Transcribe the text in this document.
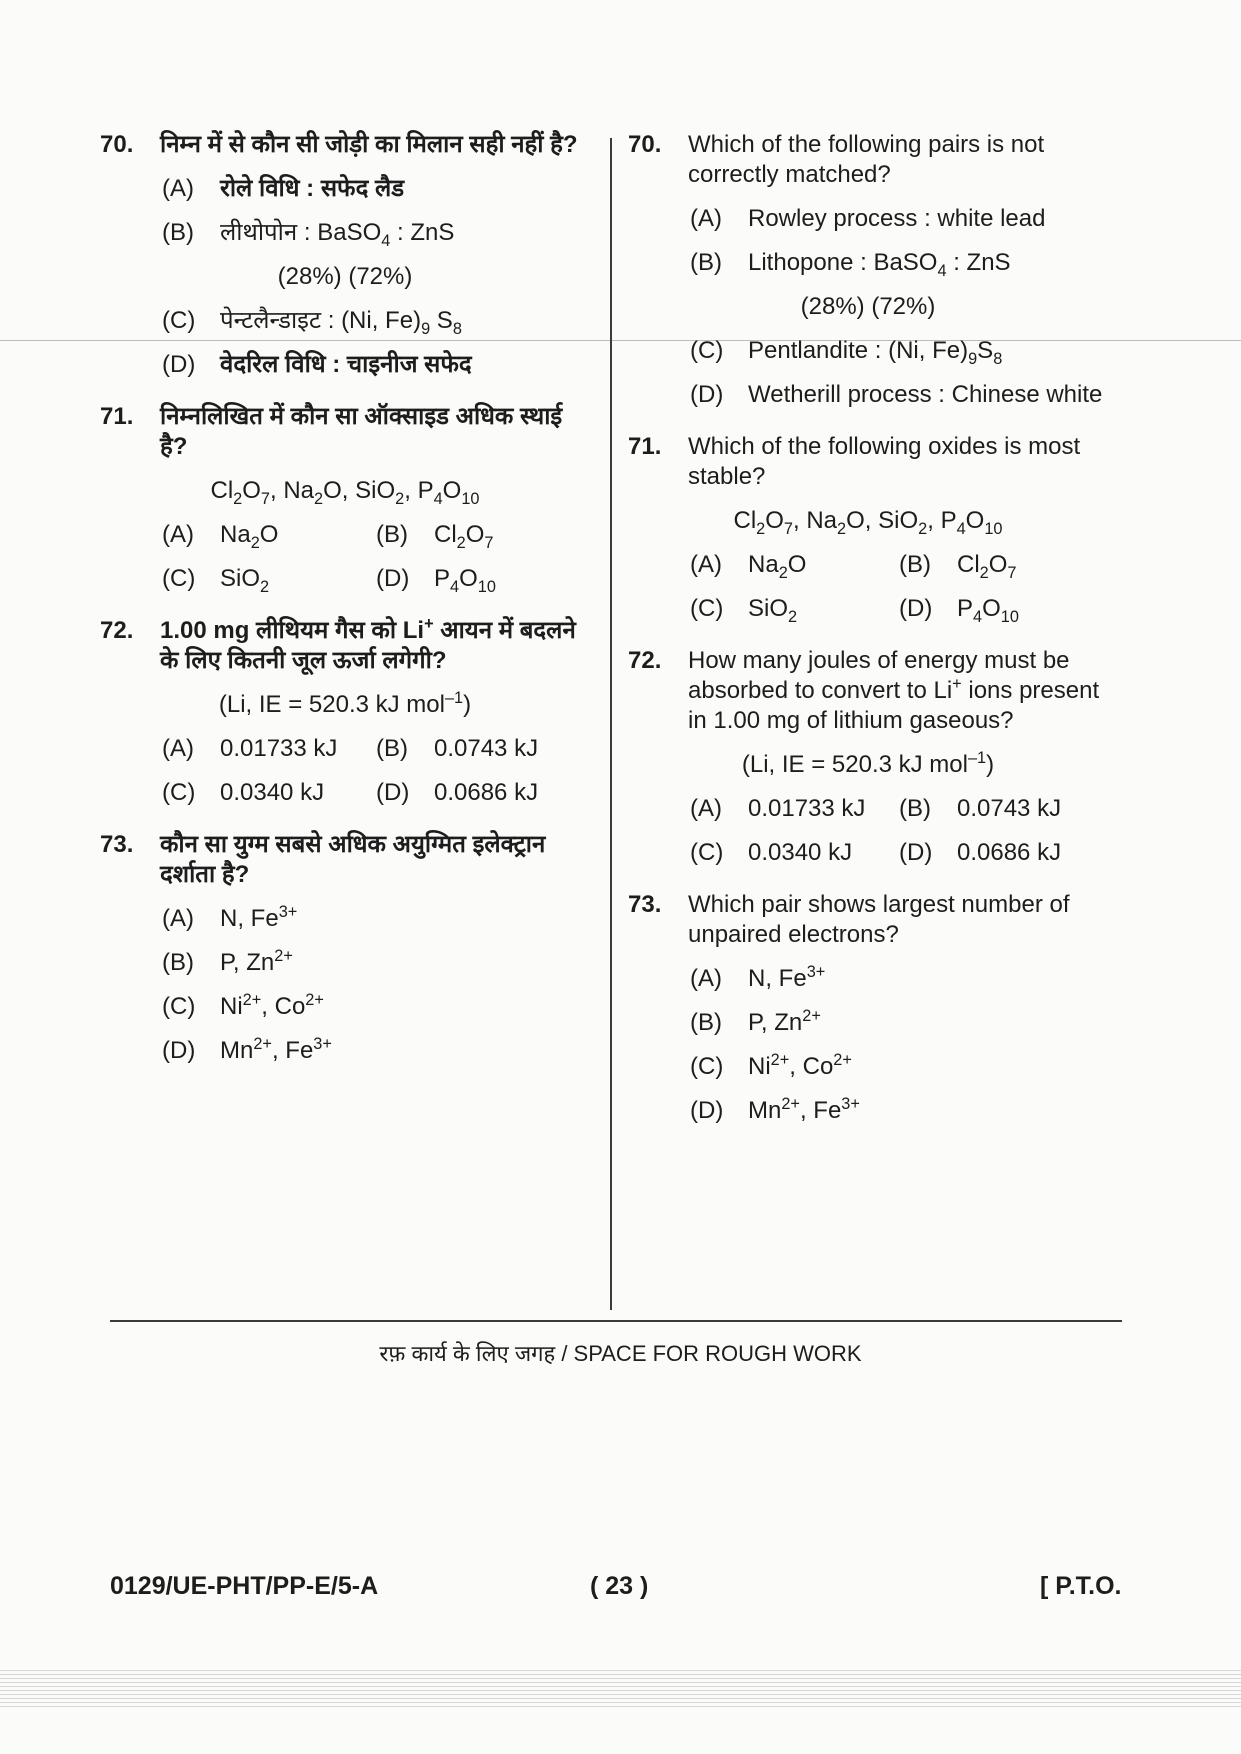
70. निम्न में से कौन सी जोड़ी का मिलान सही नहीं है?
(A)	रोले विधि : सफेद लैड
(B)	लीथोपोन : BaSO$_4$ : ZnS
(28%) (72%)
(C)	पेन्टलैन्डाइट : (Ni, $Fe)_9$ $S_8$
(D)	वेदरिल विधि : चाइनीज सफेद
71. निम्नलिखित में कौन सा ऑक्साइड अधिक स्थाई है?
$Cl_2O_7$, $Na_2O$, SiO$_2$, $P_4O_{10}$
(A)	$Na_2O$	(B)	$Cl_2O_7$
(C)	SiO$_2$	(D)	$P_4O_{10}$
72. 1.00 mg लीथियम गैस को Li+ आयन में बदलने के लिए कितनी जूल ऊर्जा लगेगी?
(Li, IE = 520.3 kJ mol$^{-1}$)
(A)	0.01733 kJ (B)	0.0743 kJ
(C)	0.0340 kJ (D)	0.0686 kJ
73. कौन सा युग्म सबसे अधिक अयुग्मित इलेक्ट्रान दर्शाता है?
(A)	N, $Fe^{3+}$
(B)	P, $Zn^{2+}$
(C)	$Ni^{2+}$, $Co^{2+}$
(D)	$Mn^{2+}$, $Fe^{3+}$
70. Which of the following pairs is not correctly matched?
(A)	Rowley process : white lead
(B)	Lithopone : BaSO$_4$ : ZnS
(28%) (72%)
(C)	Pentlandite : (Ni, $Fe)_9S_8$
(D)	Wetherill process : Chinese white
71. Which of the following oxides is most stable?
$Cl_2O_7$, $Na_2O$, SiO$_2$, $P_4O_{10}$
(A)	$Na_2O$	(B)	$Cl_2O_7$
(C)	SiO$_2$	(D)	$P_4O_{10}$
72. How many joules of energy must be absorbed to convert to Li+ ions present in 1.00 mg of lithium gaseous?
(Li, IE = 520.3 kJ mol$^{-1}$)
(A)	0.01733 kJ (B)	0.0743 kJ
(C)	0.0340 kJ (D)	0.0686 kJ
73. Which pair shows largest number of unpaired electrons?
(A)	N, $Fe^{3+}$
(B)	P, $Zn^{2+}$
(C)	$Ni^{2+}$, $Co^{2+}$
(D)	$Mn^{2+}$, $Fe^{3+}$
रफ़ कार्य के लिए जगह / SPACE FOR ROUGH WORK
0129/UE-PHT/PP-E/5-A	( 23 )	[ P.T.O.
